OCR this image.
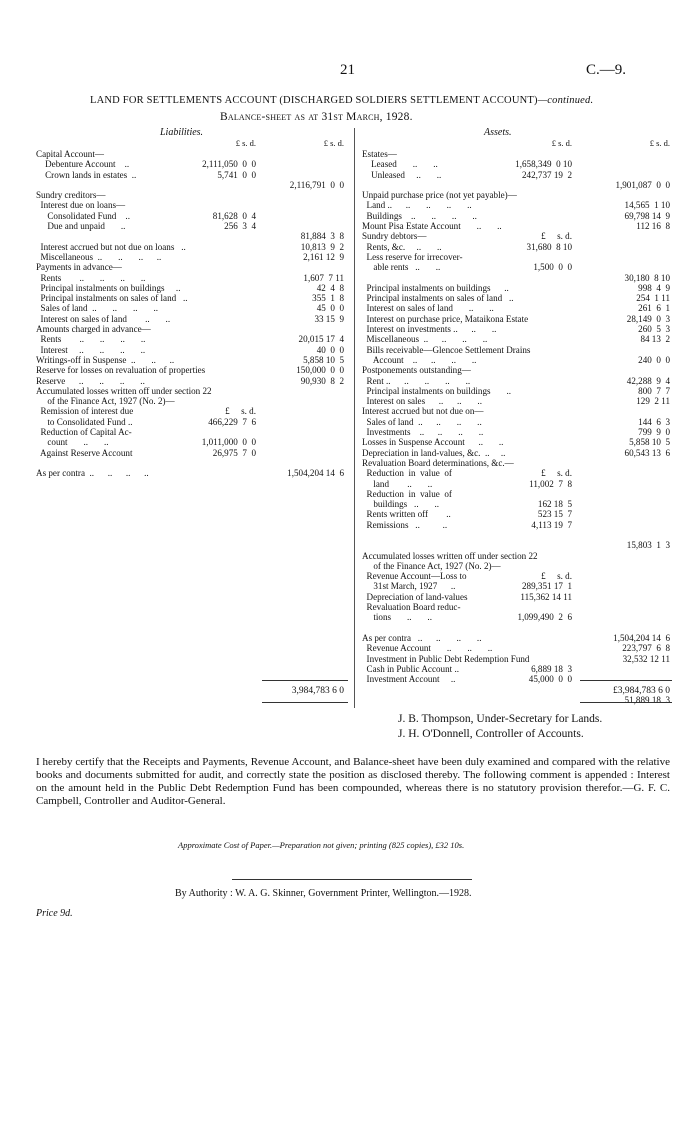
21	C.—9.
LAND FOR SETTLEMENTS ACCOUNT (DISCHARGED SOLDIERS SETTLEMENT ACCOUNT)—continued.
Balance-sheet as at 31st March, 1928.
Liabilities.	Assets.
£ s. d.	£ s. d.	£ s. d.	£ s. d.
Capital Account—
Debenture Account    ..	2,111,050  0  0
Crown lands in estates  ..	5,741  0  0
2,116,791  0  0
Sundry creditors—
Interest due on loans—
Consolidated Fund    ..	81,628  0  4
Due and unpaid       ..	256  3  4
81,884  3  8
Interest accrued but not due on loans   ..	10,813  9  2
Miscellaneous  ..       ..       ..      ..	2,161 12  9
Payments in advance—
Rents        ..       ..       ..       ..	1,607  7 11
Principal instalments on buildings     ..	42  4  8
Principal instalments on sales of land   ..	355  1  8
Sales of land  ..       ..       ..       ..	45  0  0
Interest on sales of land        ..       ..	33 15  9
Amounts charged in advance—
Rents        ..       ..       ..       ..	20,015 17  4
Interest     ..       ..       ..       ..	40  0  0
Writings-off in Suspense  ..       ..      ..	5,858 10  5
Reserve for losses on revaluation of properties	150,000  0  0
Reserve      ..       ..       ..       ..	90,930  8  2
Accumulated losses written off under section 22
of the Finance Act, 1927 (No. 2)—
Remission of interest due	£     s. d.
to Consolidated Fund ..	466,229  7  6
Reduction of Capital Ac-
count       ..       ..	1,011,000  0  0
Against Reserve Account	26,975  7  0
As per contra  ..      ..      ..      ..	1,504,204 14  6
Estates—
Leased       ..       ..	1,658,349  0 10
Unleased     ..       ..	242,737 19  2
1,901,087  0  0
Unpaid purchase price (not yet payable)—
Land ..      ..       ..       ..       ..	14,565  1 10
Buildings    ..       ..       ..       ..	69,798 14  9
Mount Pisa Estate Account       ..       ..	112 16  8
Sundry debtors—	£     s. d.
Rents, &c.     ..       ..	31,680  8 10
Less reserve for irrecover-
able rents   ..       ..	1,500  0  0
30,180  8 10
Principal instalments on buildings      ..	998  4  9
Principal instalments on sales of land   ..	254  1 11
Interest on sales of land       ..       ..	261  6  1
Interest on purchase price, Mataikona Estate	28,149  0  3
Interest on investments ..      ..       ..	260  5  3
Miscellaneous  ..      ..       ..       ..	84 13  2
Bills receivable—Glencoe Settlement Drains
Account    ..      ..       ..       ..	240  0  0
Postponements outstanding—
Rent ..      ..       ..       ..       ..	42,288  9  4
Principal instalments on buildings       ..	800  7  7
Interest on sales      ..      ..       ..	129  2 11
Interest accrued but not due on—
Sales of land  ..      ..       ..       ..	144  6  3
Investments    ..      ..       ..       ..	799  9  0
Losses in Suspense Account      ..       ..	5,858 10  5
Depreciation in land-values, &c.  ..     ..	60,543 13  6
Revaluation Board determinations, &c.—
Reduction  in  value  of	£     s. d.
land        ..       ..	11,002  7  8
Reduction  in  value  of
buildings   ..       ..	162 18  5
Rents written off        ..	523 15  7
Remissions   ..          ..	4,113 19  7
15,803  1  3
Accumulated losses written off under section 22
of the Finance Act, 1927 (No. 2)—
Revenue Account—Loss to	£     s. d.
31st March, 1927      ..	289,351 17  1
Depreciation of land-values	115,362 14 11
Revaluation Board reduc-
tions       ..       ..	1,099,490  2  6
As per contra   ..      ..       ..       ..	1,504,204 14  6
Revenue Account       ..       ..       ..	223,797  6  8
Investment in Public Debt Redemption Fund	32,532 12 11
Cash in Public Account ..	6,889 18  3
Investment Account     ..	45,000  0  0
51,889 18  3
3,984,783 6 0	£3,984,783 6 0
J. B. Thompson, Under-Secretary for Lands.
J. H. O'Donnell, Controller of Accounts.
I hereby certify that the Receipts and Payments, Revenue Account, and Balance-sheet have been duly examined and compared with the relative books and documents submitted for audit, and correctly state the position as disclosed thereby. The following comment is appended : Interest on the amount held in the Public Debt Redemption Fund has been compounded, whereas there is no statutory provision therefor.—G. F. C. Campbell, Controller and Auditor-General.
Approximate Cost of Paper.—Preparation not given; printing (825 copies), £32 10s.
By Authority : W. A. G. Skinner, Government Printer, Wellington.—1928.
Price 9d.
